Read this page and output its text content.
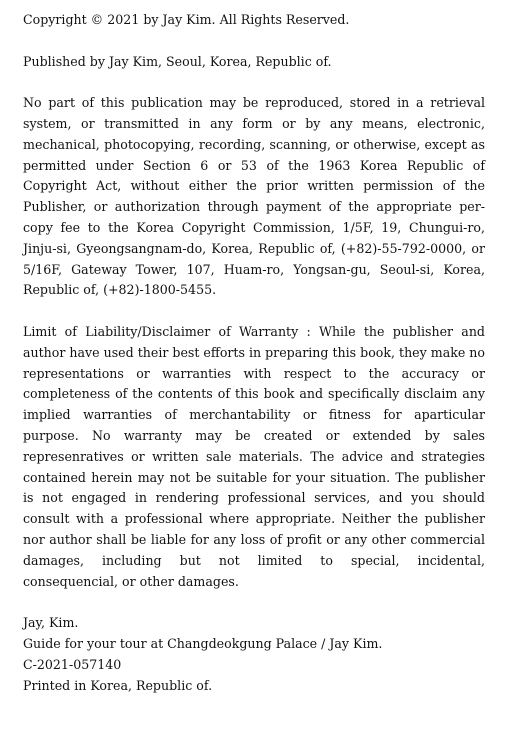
Copyright © 2021 by Jay Kim. All Rights Reserved.

Published by Jay Kim, Seoul, Korea, Republic of.

No part of this publication may be reproduced, stored in a retrieval system, or transmitted in any form or by any means, electronic, mechanical, photocopying, recording, scanning, or otherwise, except as permitted under Section 6 or 53 of the 1963 Korea Republic of Copyright Act, without either the prior written permission of the Publisher, or authorization through payment of the appropriate per-copy fee to the Korea Copyright Commission, 1/5F, 19, Chungui-ro, Jinju-si, Gyeongsangnam-do, Korea, Republic of, (+82)-55-792-0000, or 5/16F, Gateway Tower, 107, Huam-ro, Yongsan-gu, Seoul-si, Korea, Republic of, (+82)-1800-5455.

Limit of Liability/Disclaimer of Warranty : While the publisher and author have used their best efforts in preparing this book, they make no representations or warranties with respect to the accuracy or completeness of the contents of this book and specifically disclaim any implied warranties of merchantability or fitness for aparticular purpose. No warranty may be created or extended by sales represenratives or written sale materials. The advice and strategies contained herein may not be suitable for your situation. The publisher is not engaged in rendering professional services, and you should consult with a professional where appropriate. Neither the publisher nor author shall be liable for any loss of profit or any other commercial damages, including but not limited to special, incidental, consequencial, or other damages.

Jay, Kim.

Guide for your tour at Changdeokgung Palace / Jay Kim.

C-2021-057140

Printed in Korea, Republic of.
